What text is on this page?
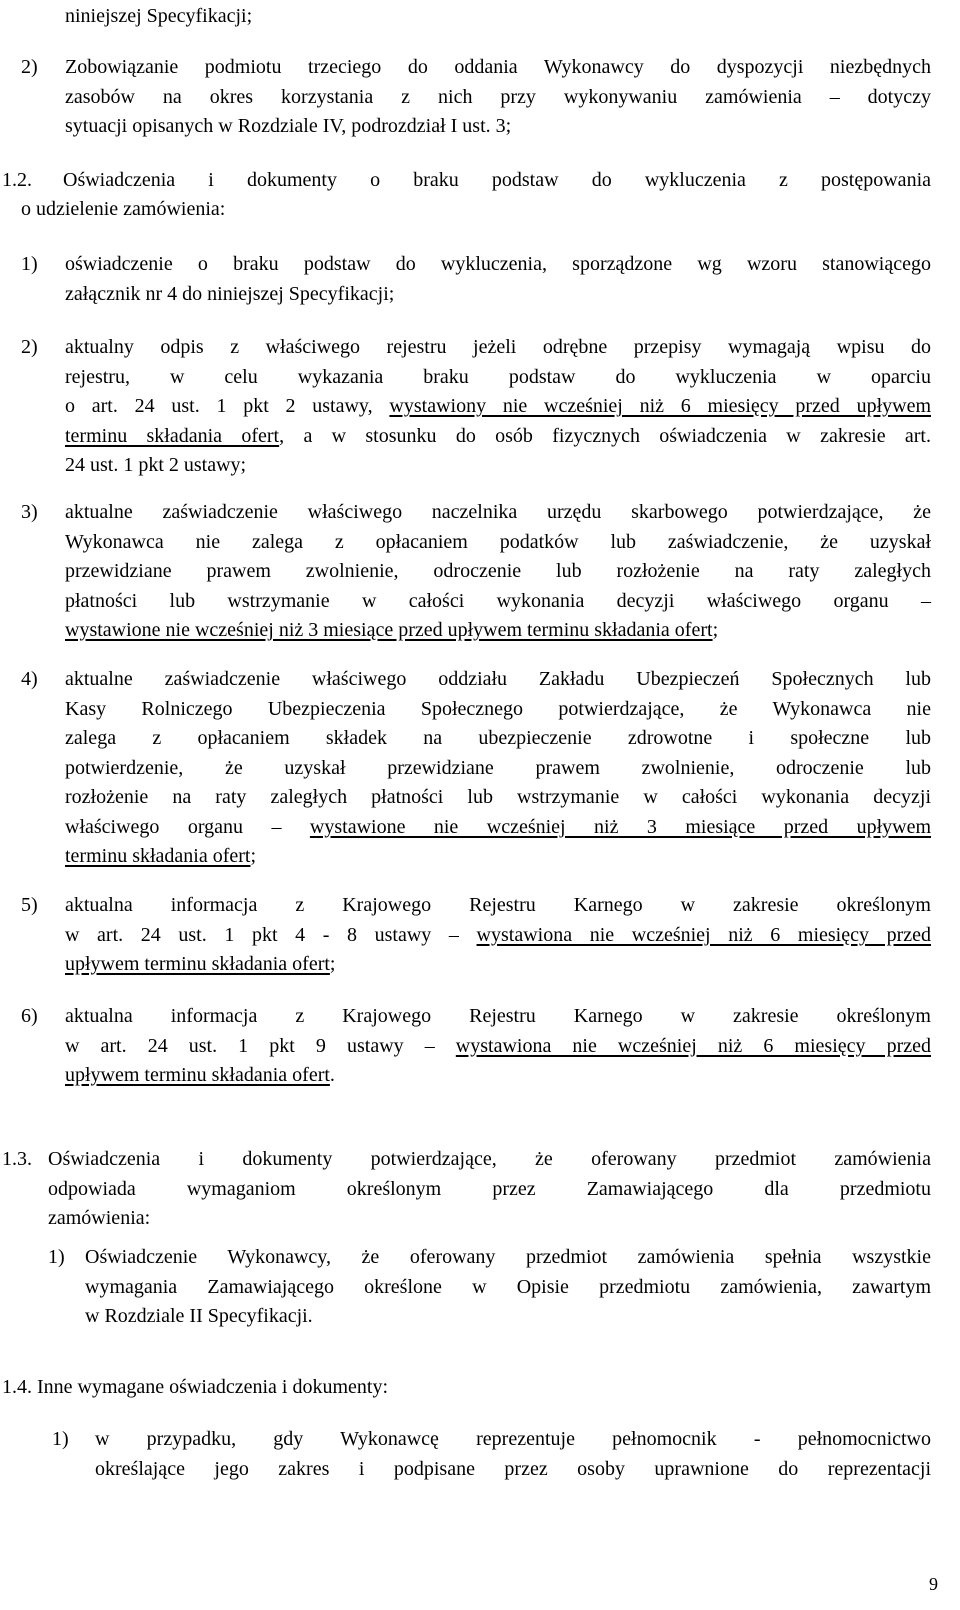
niniejszej Specyfikacji;
2) Zobowiązanie podmiotu trzeciego do oddania Wykonawcy do dyspozycji niezbędnych
zasobów na okres korzystania z nich przy wykonywaniu zamówienia – dotyczy
sytuacji opisanych w Rozdziale IV, podrozdział I ust. 3;
1.2. Oświadczenia i dokumenty o braku podstaw do wykluczenia z postępowania
o udzielenie zamówienia:
1) oświadczenie o braku podstaw do wykluczenia, sporządzone wg wzoru stanowiącego
załącznik nr 4 do niniejszej Specyfikacji;
2) aktualny odpis z właściwego rejestru jeżeli odrębne przepisy wymagają wpisu do
rejestru, w celu wykazania braku podstaw do wykluczenia w oparciu
o art. 24 ust. 1 pkt 2 ustawy, wystawiony nie wcześniej niż 6 miesięcy przed upływem
terminu składania ofert, a w stosunku do osób fizycznych oświadczenia w zakresie art.
24 ust. 1 pkt 2 ustawy;
3) aktualne zaświadczenie właściwego naczelnika urzędu skarbowego potwierdzające, że
Wykonawca nie zalega z opłacaniem podatków lub zaświadczenie, że uzyskał
przewidziane prawem zwolnienie, odroczenie lub rozłożenie na raty zaległych
płatności lub wstrzymanie w całości wykonania decyzji właściwego organu –
wystawione nie wcześniej niż 3 miesiące przed upływem terminu składania ofert;
4) aktualne zaświadczenie właściwego oddziału Zakładu Ubezpieczeń Społecznych lub
Kasy Rolniczego Ubezpieczenia Społecznego potwierdzające, że Wykonawca nie
zalega z opłacaniem składek na ubezpieczenie zdrowotne i społeczne lub
potwierdzenie, że uzyskał przewidziane prawem zwolnienie, odroczenie lub
rozłożenie na raty zaległych płatności lub wstrzymanie w całości wykonania decyzji
właściwego organu – wystawione nie wcześniej niż 3 miesiące przed upływem
terminu składania ofert;
5) aktualna informacja z Krajowego Rejestru Karnego w zakresie określonym
w art. 24 ust. 1 pkt 4 - 8 ustawy – wystawiona nie wcześniej niż 6 miesięcy przed
upływem terminu składania ofert;
6) aktualna informacja z Krajowego Rejestru Karnego w zakresie określonym
w art. 24 ust. 1 pkt 9 ustawy – wystawiona nie wcześniej niż 6 miesięcy przed
upływem terminu składania ofert.
1.3. Oświadczenia i dokumenty potwierdzające, że oferowany przedmiot zamówienia
odpowiada wymaganiom określonym przez Zamawiającego dla przedmiotu
zamówienia:
1) Oświadczenie Wykonawcy, że oferowany przedmiot zamówienia spełnia wszystkie
wymagania Zamawiającego określone w Opisie przedmiotu zamówienia, zawartym
w Rozdziale II Specyfikacji.
1.4. Inne wymagane oświadczenia i dokumenty:
1) w przypadku, gdy Wykonawcę reprezentuje pełnomocnik - pełnomocnictwo
określające jego zakres i podpisane przez osoby uprawnione do reprezentacji
9
